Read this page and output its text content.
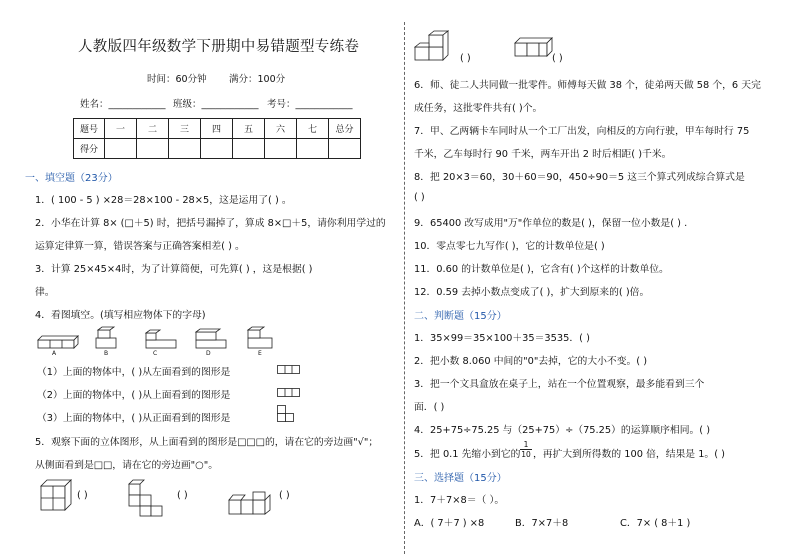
人教版四年级数学下册期中易错题型专练卷
时间：60分钟 满分：100分
姓名：____________ 班级：____________ 考号：____________
题号	一	二	三	四	五	六	七	总分
得分								
一、填空题（23分）
1．( 100 - 5 ) ×28＝28×100 - 28×5，这是运用了( ) 。
2．小华在计算 8× (□＋5) 时，把括号漏掉了，算成 8×□＋5，请你利用学过的
运算定律算一算，错误答案与正确答案相差( ) 。
3．计算 25×45×4时，为了计算简便，可先算( ) ，这是根据( )
律。
4．看图填空。(填写相应物体下的字母)
A	B	C	D	E
（1）上面的物体中，( )从左面看到的图形是
（2）上面的物体中，( )从上面看到的图形是
（3）上面的物体中，( )从正面看到的图形是
5．观察下面的立体图形，从上面看到的图形是□□□的，请在它的旁边画"√"；
从侧面看到是□□，请在它的旁边画"○"。
( )	( )	( )
( )	( )
6．师、徒二人共同做一批零件。师傅每天做 38 个，徒弟两天做 58 个，6 天完
成任务，这批零件共有( )个。
7．甲、乙两辆卡车同时从一个工厂出发，向相反的方向行驶，甲车每时行 75
千米，乙车每时行 90 千米，两车开出 2 时后相距( )千米。
8．把 20×3＝60，30＋60＝90，450÷90＝5 这三个算式列成综合算式是
( )
9．65400 改写成用"万"作单位的数是( )，保留一位小数是( ) .
10．零点零七九写作( )，它的计数单位是( )
11．0.60 的计数单位是( )，它含有( )个这样的计数单位。
12．0.59 去掉小数点变成了( )，扩大到原来的( )倍。
二、判断题（15分）
1．35×99＝35×100＋35＝3535．( )
2．把小数 8.060 中间的"0"去掉，它的大小不变。( )
3．把一个文具盒放在桌子上，站在一个位置观察，最多能看到三个
面．( )
4．25+75÷75.25 与（25+75）÷（75.25）的运算顺序相同。( )
5．把 0.1 先缩小到它的 $\frac{1}{10}$ ，再扩大到所得数的 100 倍，结果是 1。( )
三、选择题（15分）
1．7＋7×8＝（ ）。
A．( 7＋7 ) ×8	B．7×7＋8	C．7× ( 8＋1 )
